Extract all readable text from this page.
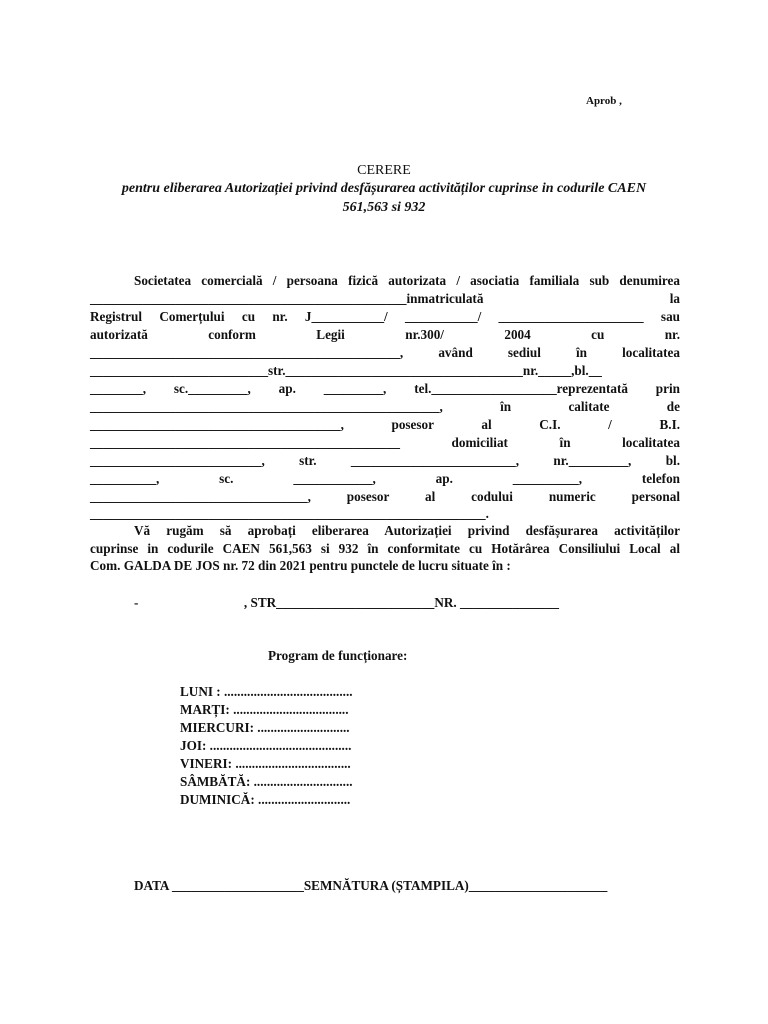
Aprob ,
CERERE
pentru eliberarea Autorizației privind desfășurarea activităților cuprinse in codurile CAEN
561,563 si 932
Societatea comercială / persoana fizică autorizata / asociatia familiala sub denumirea
________________________________________________inmatriculată la
Registrul Comerțului cu nr. J___________/ ___________/ ______________________ sau
autorizată conform Legii nr.300/ 2004 cu nr.
_______________________________________________, având sediul în localitatea
___________________________str.____________________________________nr._____,bl.__
________, sc._________, ap. _________, tel.___________________reprezentată prin
_____________________________________________________, în calitate de
______________________________________, posesor al C.I. / B.I.
_______________________________________________ domiciliat în localitatea
__________________________, str. _________________________, nr._________, bl.
__________, sc. ____________, ap. __________, telefon
_________________________________, posesor al codului numeric personal
____________________________________________________________.
Vă rugăm să aprobați eliberarea Autorizației privind desfășurarea activităților
cuprinse in codurile CAEN 561,563 si 932 în conformitate cu Hotărârea Consiliului Local al
Com. GALDA DE JOS nr. 72 din 2021 pentru punctele de lucru situate în :
-                                , STR________________________NR. _______________
Program de funcționare:
LUNI : .......................................
MARȚI: ...................................
MIERCURI: ............................
JOI: ...........................................
VINERI: ...................................
SÂMBĂTĂ: ..............................
DUMINICĂ: ............................
DATA ____________________SEMNĂTURA (ȘTAMPILA)_____________________
